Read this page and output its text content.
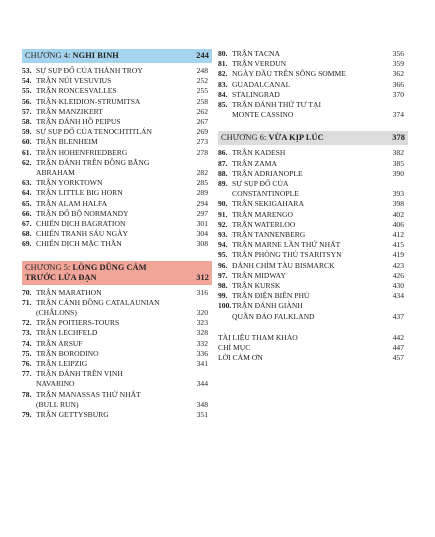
CHƯƠNG 4: NGHI BINH	244
53. SỰ SỤP ĐỔ CỦA THÀNH TROY	248
54. TRẬN NÚI VESUVIUS	252
55. TRẬN RONCESVALLES	255
56. TRẬN KLEIDION-STRUMITSA	258
57. TRẬN MANZIKERT	262
58. TRẬN ĐÁNH HỒ PEIPUS	267
59. SỰ SỤP ĐỔ CỦA TENOCHTITLÁN	269
60. TRẬN BLENHEIM	273
61. TRẬN HOHENFRIEDBERG	278
62. TRẬN ĐÁNH TRÊN ĐỒNG BẰNG
ABRAHAM	282
63. TRẬN YORKTOWN	285
64. TRẬN LITTLE BIG HORN	289
65. TRẬN ALAM HALFA	294
66. TRẬN ĐỔ BỘ NORMANDY	297
67. CHIẾN DỊCH BAGRATION	301
68. CHIẾN TRANH SÁU NGÀY	304
69. CHIẾN DỊCH MẶC THẦN	308
CHƯƠNG 5: LÒNG DŨNG CẢM
TRƯỚC LỬA ĐẠN	312
70. TRẬN MARATHON	316
71. TRẬN CÁNH ĐỒNG CATALAUNIAN
(CHÂLONS)	320
72. TRẬN POITIERS-TOURS	323
73. TRẬN LECHFELD	328
74. TRẬN ARSUF	332
75. TRẬN BORODINO	336
76. TRẬN LEIPZIG	341
77. TRẬN ĐÁNH TRÊN VỊNH
NAVARINO	344
78. TRẬN MANASSAS THỨ NHẤT
(BULL RUN)	348
79. TRẬN GETTYSBURG	351
80. TRẬN TACNA	356
81. TRẬN VERDUN	359
82. NGÀY ĐẦU TRÊN SÔNG SOMME	362
83. GUADALCANAL	366
84. STALINGRAD	370
85. TRẬN ĐÁNH THỨ TƯ TẠI
MONTE CASSINO	374
CHƯƠNG 6: VỪA KỊP LÚC	378
86. TRẬN KADESH	382
87. TRẬN ZAMA	385
88. TRẬN ADRIANOPLE	390
89. SỰ SỤP ĐỔ CỦA
CONSTANTINOPLE	393
90. TRẬN SEKIGAHARA	398
91. TRẬN MARENGO	402
92. TRẬN WATERLOO	406
93. TRẬN TANNENBERG	412
94. TRẬN MARNE LẦN THỨ NHẤT	415
95. TRẬN PHÒNG THỦ TSARITSYN	419
96. ĐÁNH CHÌM TÀU BISMARCK	423
97. TRẬN MIDWAY	426
98. TRẬN KURSK	430
99. TRẬN ĐIỆN BIÊN PHỦ	434
100. TRẬN ĐÁNH GIÀNH
QUẦN ĐẢO FALKLAND	437
TÀI LIỆU THAM KHẢO	442
CHỈ MỤC	447
LỜI CẢM ƠN	457
